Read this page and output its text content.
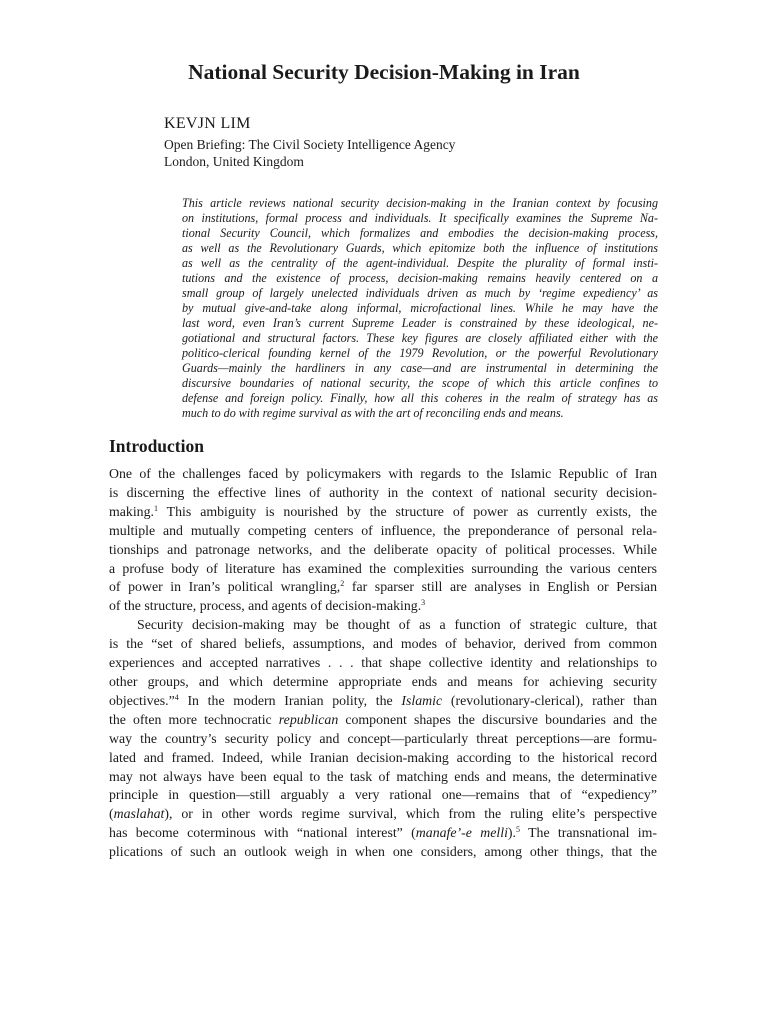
National Security Decision-Making in Iran
KEVJN LIM
Open Briefing: The Civil Society Intelligence Agency
London, United Kingdom
This article reviews national security decision-making in the Iranian context by focusing
on institutions, formal process and individuals. It specifically examines the Supreme Na-
tional Security Council, which formalizes and embodies the decision-making process,
as well as the Revolutionary Guards, which epitomize both the influence of institutions
as well as the centrality of the agent-individual. Despite the plurality of formal insti-
tutions and the existence of process, decision-making remains heavily centered on a
small group of largely unelected individuals driven as much by ‘regime expediency’ as
by mutual give-and-take along informal, microfactional lines. While he may have the
last word, even Iran’s current Supreme Leader is constrained by these ideological, ne-
gotiational and structural factors. These key figures are closely affiliated either with the
politico-clerical founding kernel of the 1979 Revolution, or the powerful Revolutionary
Guards—mainly the hardliners in any case—and are instrumental in determining the
discursive boundaries of national security, the scope of which this article confines to
defense and foreign policy. Finally, how all this coheres in the realm of strategy has as
much to do with regime survival as with the art of reconciling ends and means.
Introduction
One of the challenges faced by policymakers with regards to the Islamic Republic of Iran
is discerning the effective lines of authority in the context of national security decision-
making.$^1$ This ambiguity is nourished by the structure of power as currently exists, the
multiple and mutually competing centers of influence, the preponderance of personal rela-
tionships and patronage networks, and the deliberate opacity of political processes. While
a profuse body of literature has examined the complexities surrounding the various centers
of power in Iran’s political wrangling,$^2$ far sparser still are analyses in English or Persian
of the structure, process, and agents of decision-making.$^3$
Security decision-making may be thought of as a function of strategic culture, that
is the “set of shared beliefs, assumptions, and modes of behavior, derived from common
experiences and accepted narratives . . . that shape collective identity and relationships to
other groups, and which determine appropriate ends and means for achieving security
objectives.”$^4$ In the modern Iranian polity, the Islamic (revolutionary-clerical), rather than
the often more technocratic republican component shapes the discursive boundaries and the
way the country’s security policy and concept—particularly threat perceptions—are formu-
lated and framed. Indeed, while Iranian decision-making according to the historical record
may not always have been equal to the task of matching ends and means, the determinative
principle in question—still arguably a very rational one—remains that of “expediency”
(maslahat), or in other words regime survival, which from the ruling elite’s perspective
has become coterminous with “national interest” (manafe’-e melli).$^5$ The transnational im-
plications of such an outlook weigh in when one considers, among other things, that the
